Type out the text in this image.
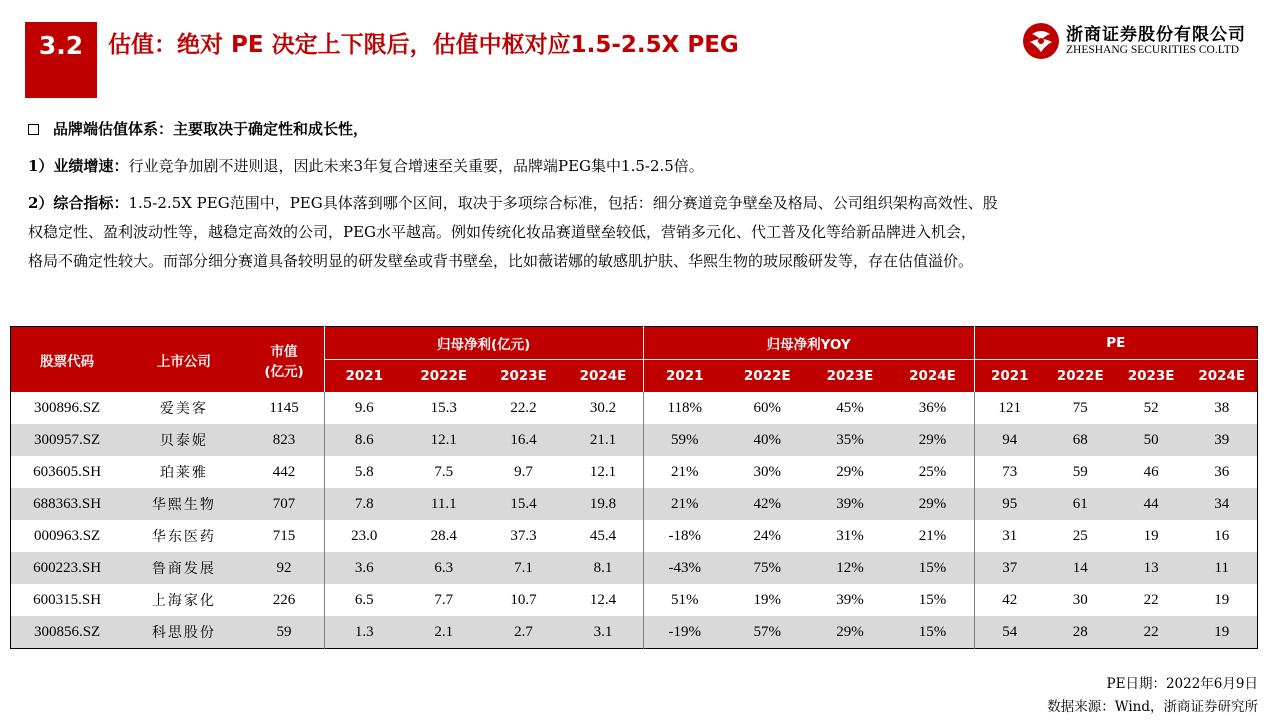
3.2	估值：绝对 PE 决定上下限后，估值中枢对应1.5-2.5X PEG	浙商证券股份有限公司
ZHESHANG SECURITIES CO.LTD
品牌端估值体系：主要取决于确定性和成长性，
1）业绩增速：行业竞争加剧不进则退，因此未来3年复合增速至关重要，品牌端PEG集中1.5-2.5倍。
2）综合指标：1.5-2.5X PEG范围中，PEG具体落到哪个区间，取决于多项综合标准，包括：细分赛道竞争壁垒及格局、公司组织架构高效性、股
权稳定性、盈利波动性等，越稳定高效的公司，PEG水平越高。例如传统化妆品赛道壁垒较低，营销多元化、代工普及化等给新品牌进入机会，
格局不确定性较大。而部分细分赛道具备较明显的研发壁垒或背书壁垒，比如薇诺娜的敏感肌护肤、华熙生物的玻尿酸研发等，存在估值溢价。
股票代码	上市公司	市值
(亿元)	归母净利(亿元)				归母净利YOY				PE			
			2021	2022E	2023E	2024E	2021	2022E	2023E	2024E	2021	2022E	2023E	2024E
300896.SZ	爱美客	1145	9.6	15.3	22.2	30.2	118%	60%	45%	36%	121	75	52	38
300957.SZ	贝泰妮	823	8.6	12.1	16.4	21.1	59%	40%	35%	29%	94	68	50	39
603605.SH	珀莱雅	442	5.8	7.5	9.7	12.1	21%	30%	29%	25%	73	59	46	36
688363.SH	华熙生物	707	7.8	11.1	15.4	19.8	21%	42%	39%	29%	95	61	44	34
000963.SZ	华东医药	715	23.0	28.4	37.3	45.4	-18%	24%	31%	21%	31	25	19	16
600223.SH	鲁商发展	92	3.6	6.3	7.1	8.1	-43%	75%	12%	15%	37	14	13	11
600315.SH	上海家化	226	6.5	7.7	10.7	12.4	51%	19%	39%	15%	42	30	22	19
300856.SZ	科思股份	59	1.3	2.1	2.7	3.1	-19%	57%	29%	15%	54	28	22	19
PE日期：2022年6月9日
数据来源：Wind，浙商证券研究所
